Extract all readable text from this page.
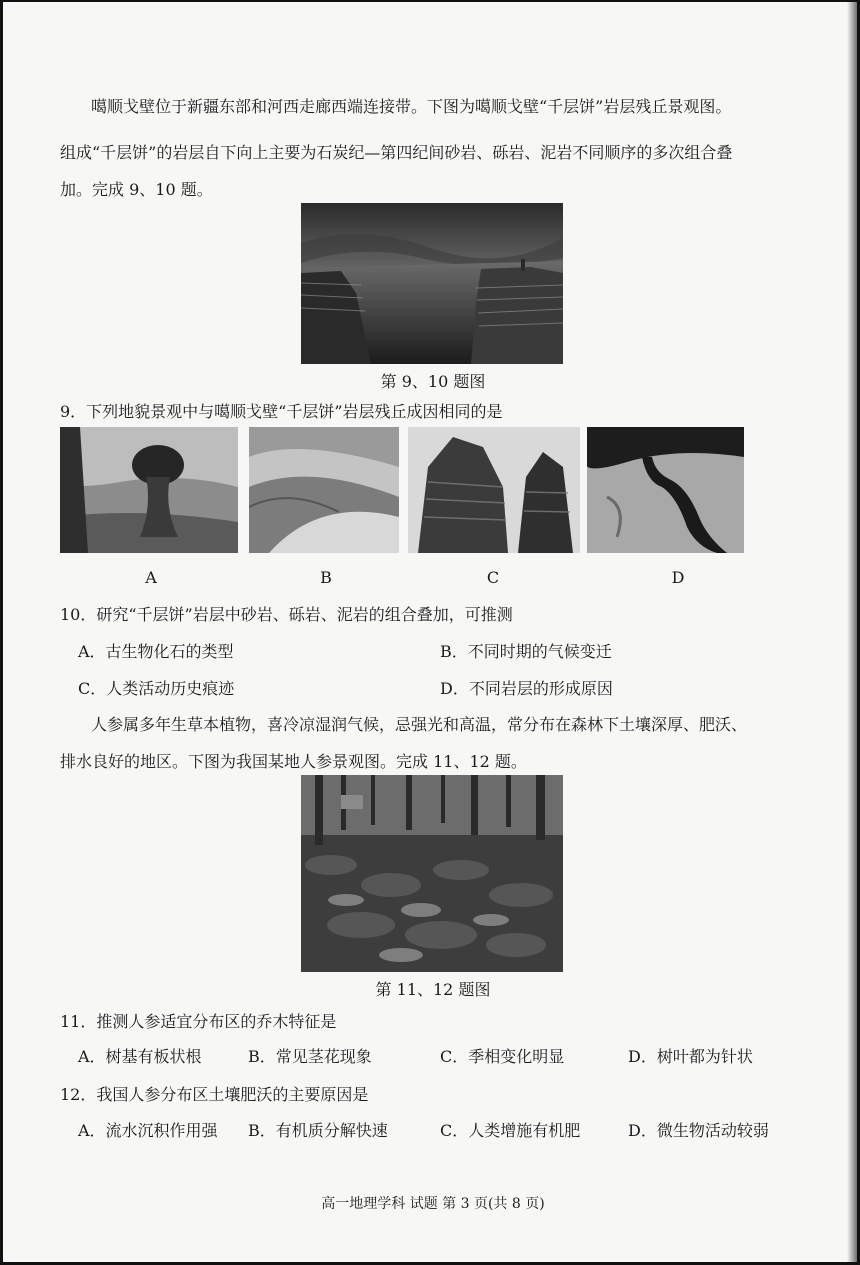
噶顺戈壁位于新疆东部和河西走廊西端连接带。下图为噶顺戈壁“千层饼”岩层残丘景观图。
组成“千层饼”的岩层自下向上主要为石炭纪—第四纪间砂岩、砾岩、泥岩不同顺序的多次组合叠
加。完成 9、10 题。
第 9、10 题图
9．下列地貌景观中与噶顺戈壁“千层饼”岩层残丘成因相同的是
A	B	C	D
10．研究“千层饼”岩层中砂岩、砾岩、泥岩的组合叠加，可推测
A．古生物化石的类型	B．不同时期的气候变迁
C．人类活动历史痕迹	D．不同岩层的形成原因
人参属多年生草本植物，喜冷凉湿润气候，忌强光和高温，常分布在森林下土壤深厚、肥沃、
排水良好的地区。下图为我国某地人参景观图。完成 11、12 题。
第 11、12 题图
11．推测人参适宜分布区的乔木特征是
A．树基有板状根	B．常见茎花现象	C．季相变化明显	D．树叶都为针状
12．我国人参分布区土壤肥沃的主要原因是
A．流水沉积作用强 B．有机质分解快速	C．人类增施有机肥	D．微生物活动较弱
高一地理学科 试题 第 3 页(共 8 页)
